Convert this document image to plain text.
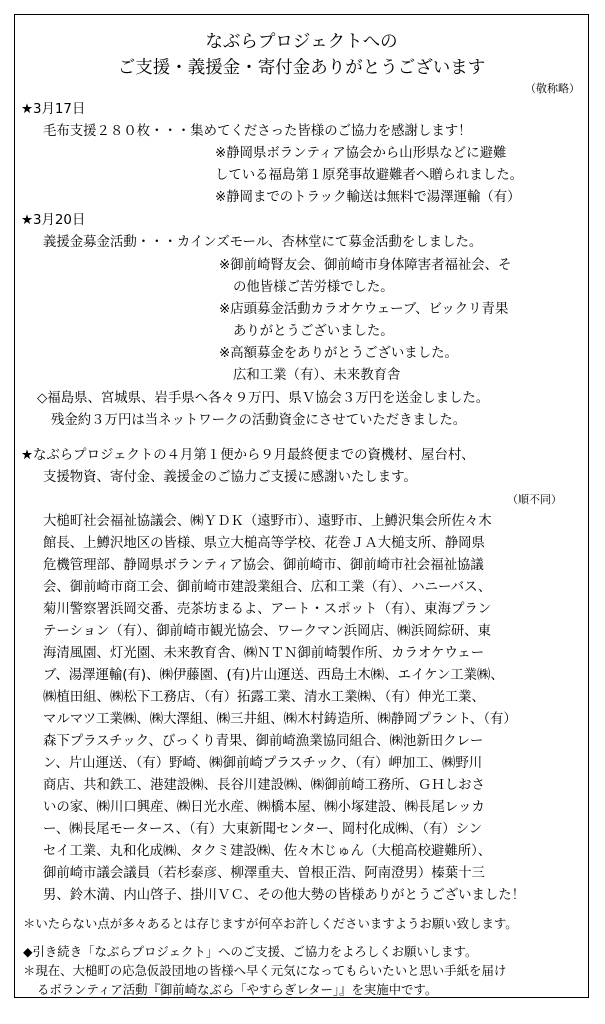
なぶらプロジェクトへの
ご支援・義援金・寄付金ありがとうございます
（敬称略）
★3月17日
毛布支援２８０枚・・・集めてくださった皆様のご協力を感謝します！
※静岡県ボランティア協会から山形県などに避難
している福島第１原発事故避難者へ贈られました。
※静岡までのトラック輸送は無料で湯澤運輸（有）
★3月20日
義援金募金活動・・・カインズモール、杏林堂にて募金活動をしました。
※御前崎腎友会、御前崎市身体障害者福祉会、そ
の他皆様ご苦労様でした。
※店頭募金活動カラオケウェーブ、ビックリ青果
ありがとうございました。
※高額募金をありがとうございました。
広和工業（有）、未来教育舎
◇福島県、宮城県、岩手県へ各々９万円、県Ｖ協会３万円を送金しました。
残金約３万円は当ネットワークの活動資金にさせていただきました。
★なぶらプロジェクトの４月第１便から９月最終便までの資機材、屋台村、
支援物資、寄付金、義援金のご協力ご支援に感謝いたします。
（順不同）
大槌町社会福祉協議会、㈱ＹＤＫ（遠野市）、遠野市、上鱒沢集会所佐々木
館長、上鱒沢地区の皆様、県立大槌高等学校、花巻ＪＡ大槌支所、静岡県
危機管理部、静岡県ボランティア協会、御前崎市、御前崎市社会福祉協議
会、御前崎市商工会、御前崎市建設業組合、広和工業（有）、ハニーバス、
菊川警察署浜岡交番、売茶坊まるよ、アート・スポット（有）、東海プラン
テーション（有）、御前崎市観光協会、ワークマン浜岡店、㈱浜岡綜研、東
海清風園、灯光園、未来教育舎、㈱ＮＴＮ御前崎製作所、カラオケウェー
ブ、湯澤運輸(有)、㈱伊藤園、(有)片山運送、西島土木㈱、エイケン工業㈱、
㈱植田組、㈱松下工務店、（有）拓露工業、清水工業㈱、（有）伸光工業、
マルマツ工業㈱、㈱大澤組、㈱三井組、㈱木村鋳造所、㈱静岡プラント、（有）
森下プラスチック、びっくり青果、御前崎漁業協同組合、㈱池新田クレー
ン、片山運送、（有）野崎、㈱御前崎プラスチック、（有）岬加工、㈱野川
商店、共和鉄工、港建設㈱、長谷川建設㈱、㈱御前崎工務所、ＧＨしおさ
いの家、㈱川口興産、㈱日光水産、㈱橋本屋、㈱小塚建設、㈱長尾レッカ
ー、㈱長尾モータース、（有）大東新聞センター、岡村化成㈱、（有）シン
セイ工業、丸和化成㈱、タクミ建設㈱、佐々木じゅん（大槌高校避難所）、
御前崎市議会議員（若杉泰彦、柳澤重夫、曽根正浩、阿南澄男）榛葉十三
男、鈴木満、内山啓子、掛川ＶＣ、その他大勢の皆様ありがとうございました！
＊いたらない点が多々あるとは存じますが何卒お許しくださいますようお願い致します。
◆引き続き「なぶらプロジェクト」へのご支援、ご協力をよろしくお願いします。
＊現在、大槌町の応急仮設団地の皆様へ早く元気になってもらいたいと思い手紙を届け
るボランティア活動『御前崎なぶら「やすらぎレター」』を実施中です。
